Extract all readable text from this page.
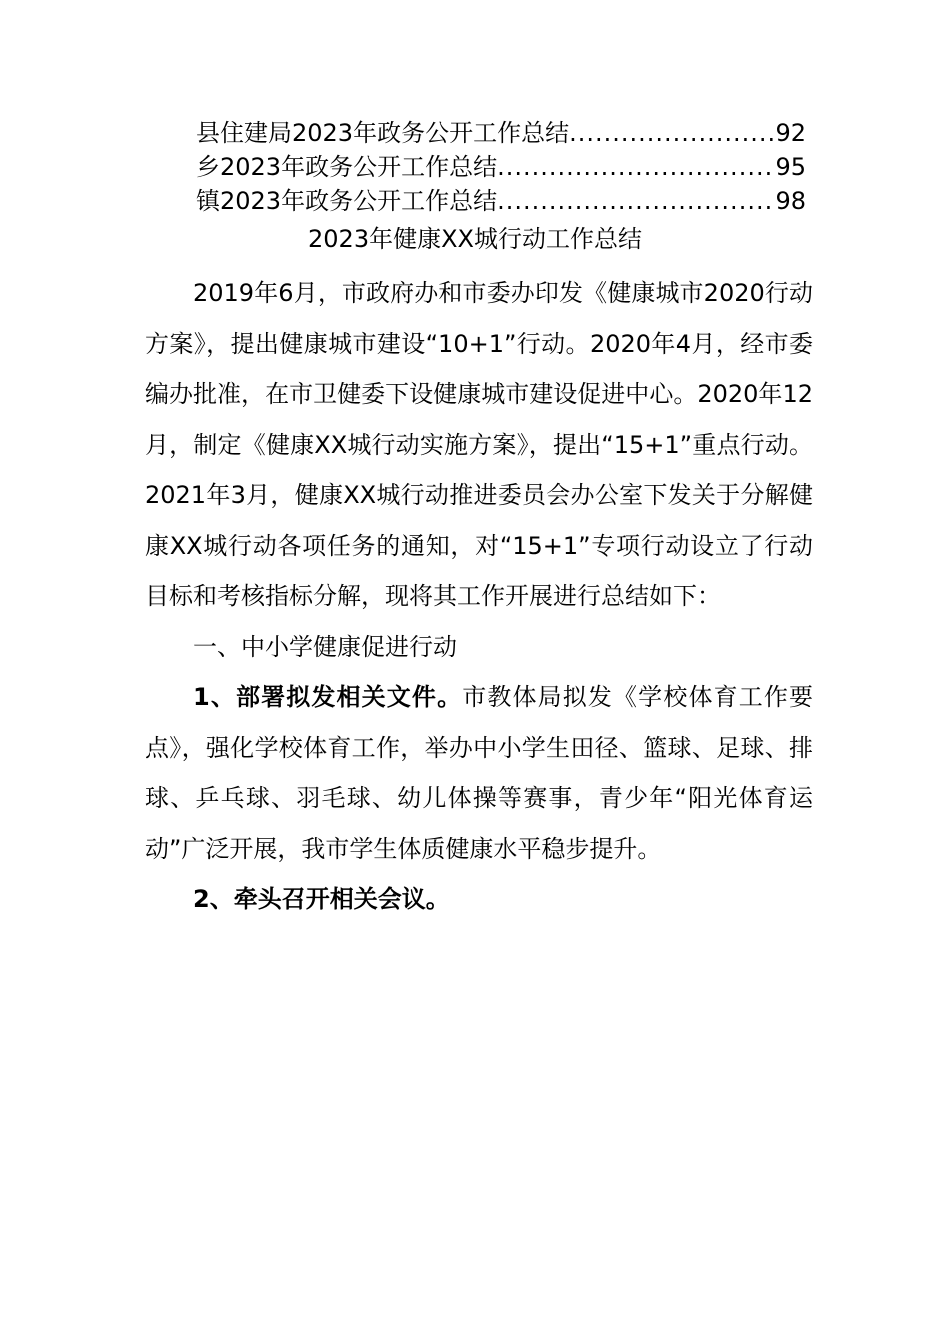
县住建局2023年政务公开工作总结 .....	92
乡2023年政务公开工作总结 .....	95
镇2023年政务公开工作总结 .....	98
2023年健康XX城行动工作总结

2019年6月，市政府办和市委办印发《健康城市2020行动方案》，提出健康城市建设“10+1”行动。2020年4月，经市委编办批准，在市卫健委下设健康城市建设促进中心。2020年12月，制定《健康XX城行动实施方案》，提出“15+1”重点行动。2021年3月，健康XX城行动推进委员会办公室下发关于分解健康XX城行动各项任务的通知，对“15+1”专项行动设立了行动目标和考核指标分解，现将其工作开展进行总结如下：

一、中小学健康促进行动

1、部署拟发相关文件。市教体局拟发《学校体育工作要点》，强化学校体育工作，举办中小学生田径、篮球、足球、排球、乒乓球、羽毛球、幼儿体操等赛事，青少年“阳光体育运动”广泛开展，我市学生体质健康水平稳步提升。

2、牵头召开相关会议。
